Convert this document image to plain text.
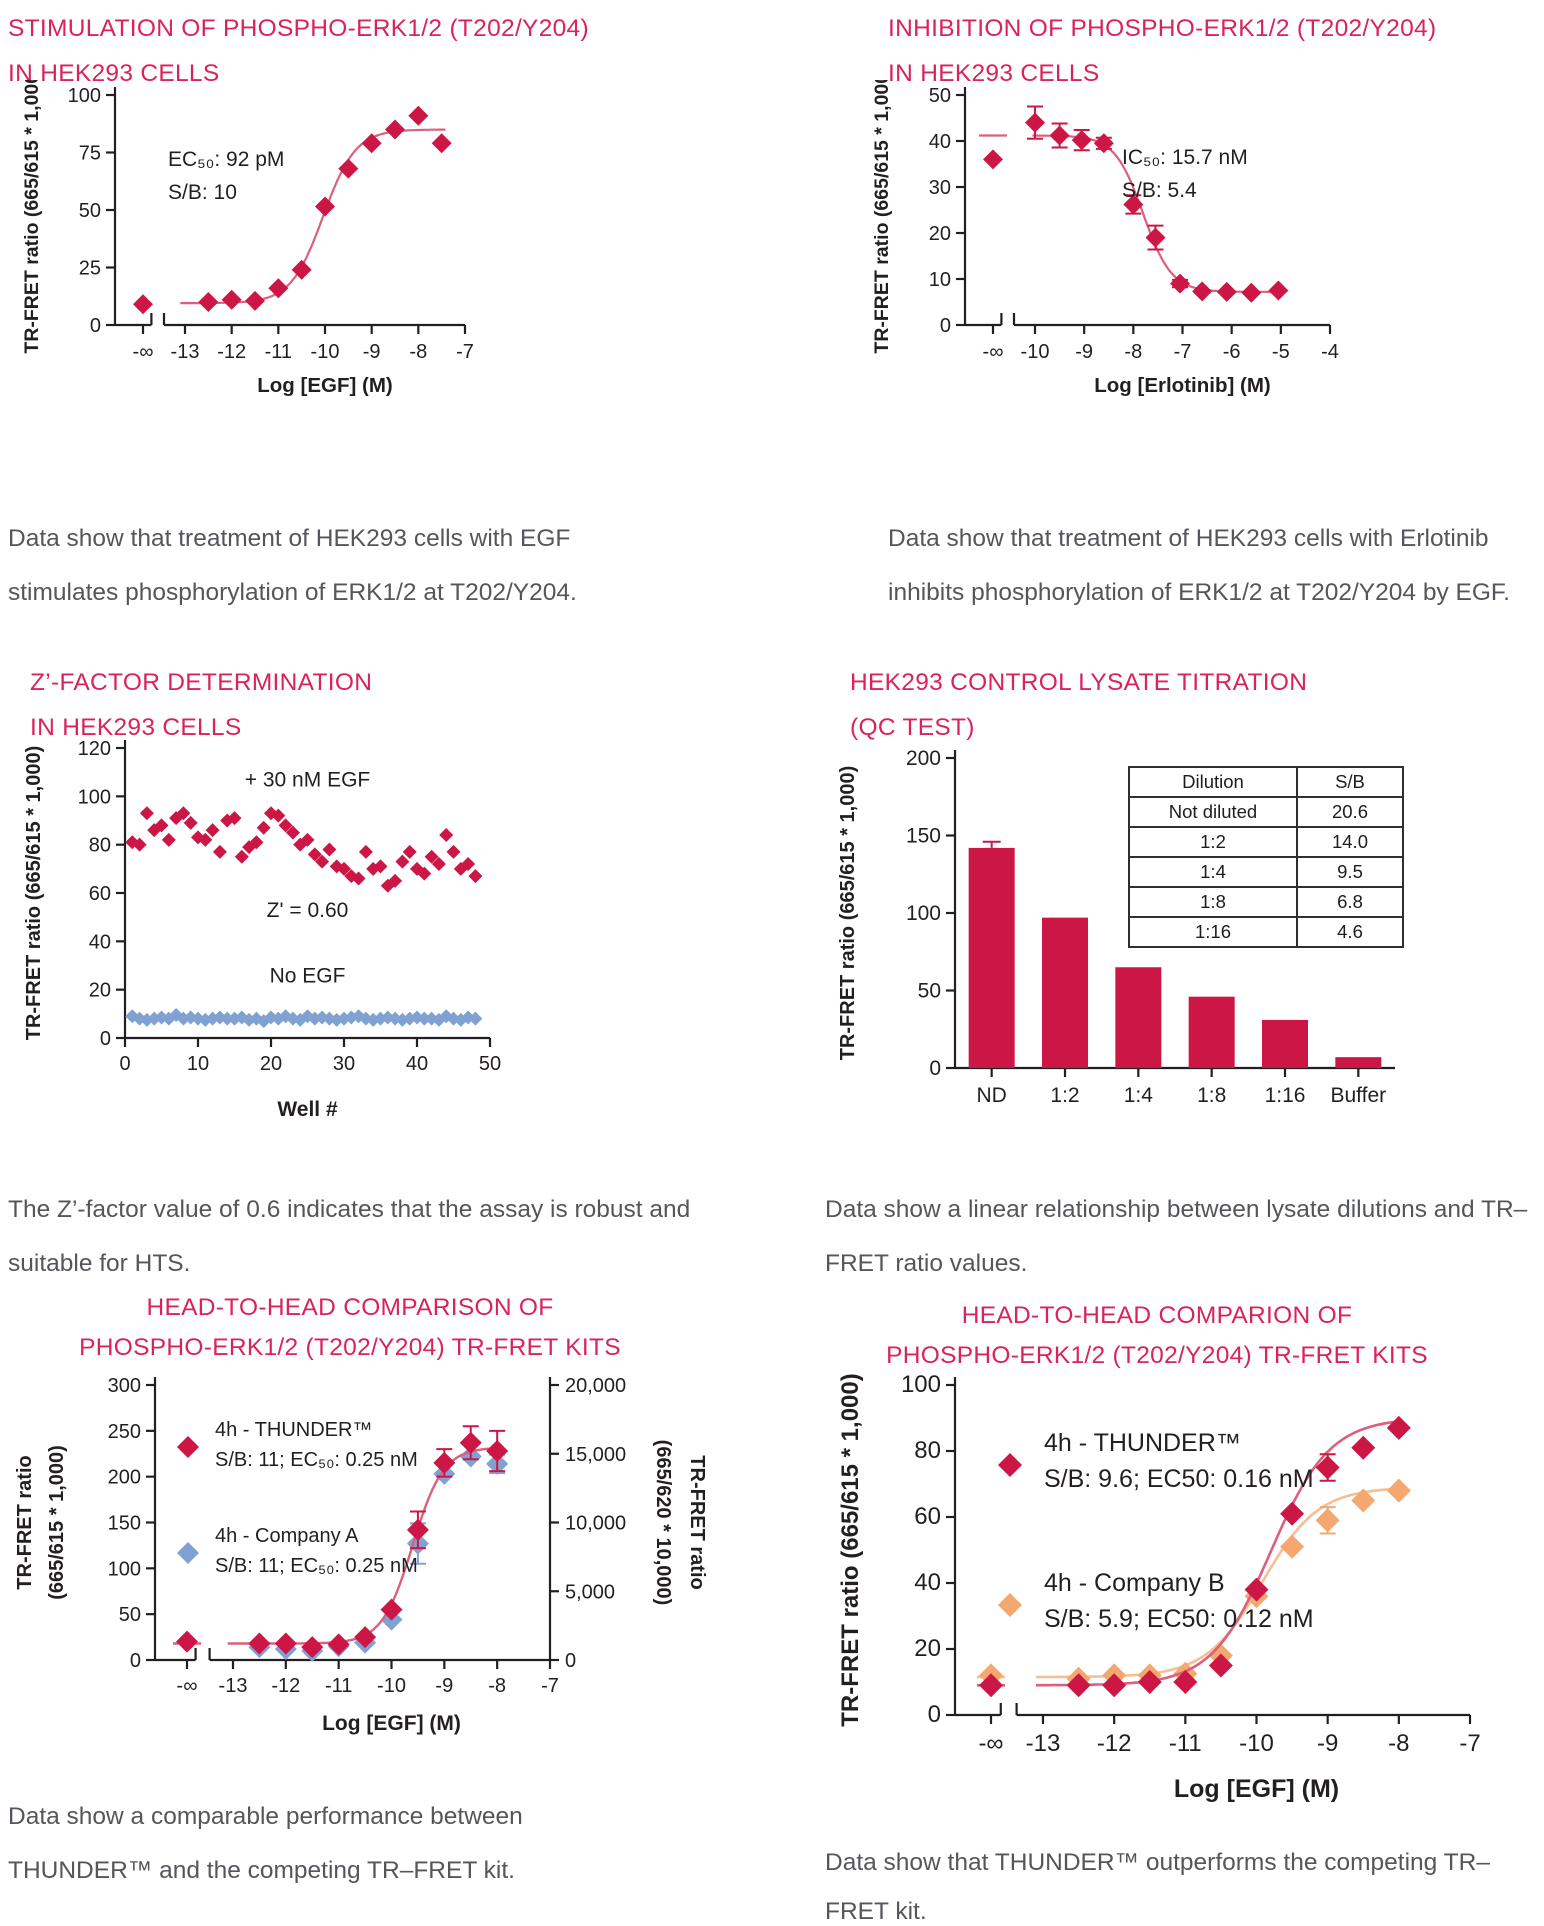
STIMULATION OF PHOSPHO-ERK1/2 (T202/Y204)
IN HEK293 CELLS
0
25
50
75
100
-∞ -13 -12 -11 -10 -9 -8 -7
Log [EGF] (M)
TR-FRET ratio (665/615 * 1,000)	EC₅₀: 92 pM
S/B: 10
Data show that treatment of HEK293 cells with EGF stimulates phosphorylation of ERK1/2 at T202/Y204.
INHIBITION OF PHOSPHO-ERK1/2 (T202/Y204)
IN HEK293 CELLS
0
10
20
30
40
50
-∞ -10 -9 -8 -7 -6 -5 -4
Log [Erlotinib] (M)
TR-FRET ratio (665/615 * 1,000)	IC₅₀: 15.7 nM
S/B: 5.4
Data show that treatment of HEK293 cells with Erlotinib inhibits phosphorylation of ERK1/2 at T202/Y204 by EGF.
Z’-FACTOR DETERMINATION
IN HEK293 CELLS
0
20
40
60
80
100
120
0	10	20	30	40	50
Well #
TR-FRET ratio (665/615 * 1,000)	+ 30 nM EGF
Z' = 0.60
No EGF
The Z’-factor value of 0.6 indicates that the assay is robust and suitable for HTS.
HEK293 CONTROL LYSATE TITRATION
(QC TEST)
0
50
100
150
200
TR-FRET ratio (665/615 * 1,000)
ND 1:2 1:4 1:8 1:16 Buffer
Dilution	S/B
Not diluted	20.6
1:2	14.0
1:4	9.5
1:8	6.8
1:16	4.6
Data show a linear relationship between lysate dilutions and TR–FRET ratio values.
HEAD-TO-HEAD COMPARISON OF
PHOSPHO-ERK1/2 (T202/Y204) TR-FRET KITS
0
50
100
150
200
250
300
-∞ -13 -12 -11 -10 -9 -8 -7
Log [EGF] (M)
TR-FRET ratio (665/615 * 1,000)
0
5,000
10,000
15,000
20,000
TR-FRET ratio
(665/620 * 10,000)
4h - THUNDER™
S/B: 11; EC₅₀: 0.25 nM
4h - Company A
S/B: 11; EC₅₀: 0.25 nM
Data show a comparable performance between THUNDER™ and the competing TR–FRET kit.
HEAD-TO-HEAD COMPARION OF
PHOSPHO-ERK1/2 (T202/Y204) TR-FRET KITS
0
20
40
60
80
100
-∞ -13 -12 -11 -10 -9 -8 -7
Log [EGF] (M)
TR-FRET ratio (665/615 * 1,000)	4h - THUNDER™
S/B: 9.6; EC50: 0.16 nM
4h - Company B
S/B: 5.9; EC50: 0.12 nM
Data show that THUNDER™ outperforms the competing TR–FRET kit.
